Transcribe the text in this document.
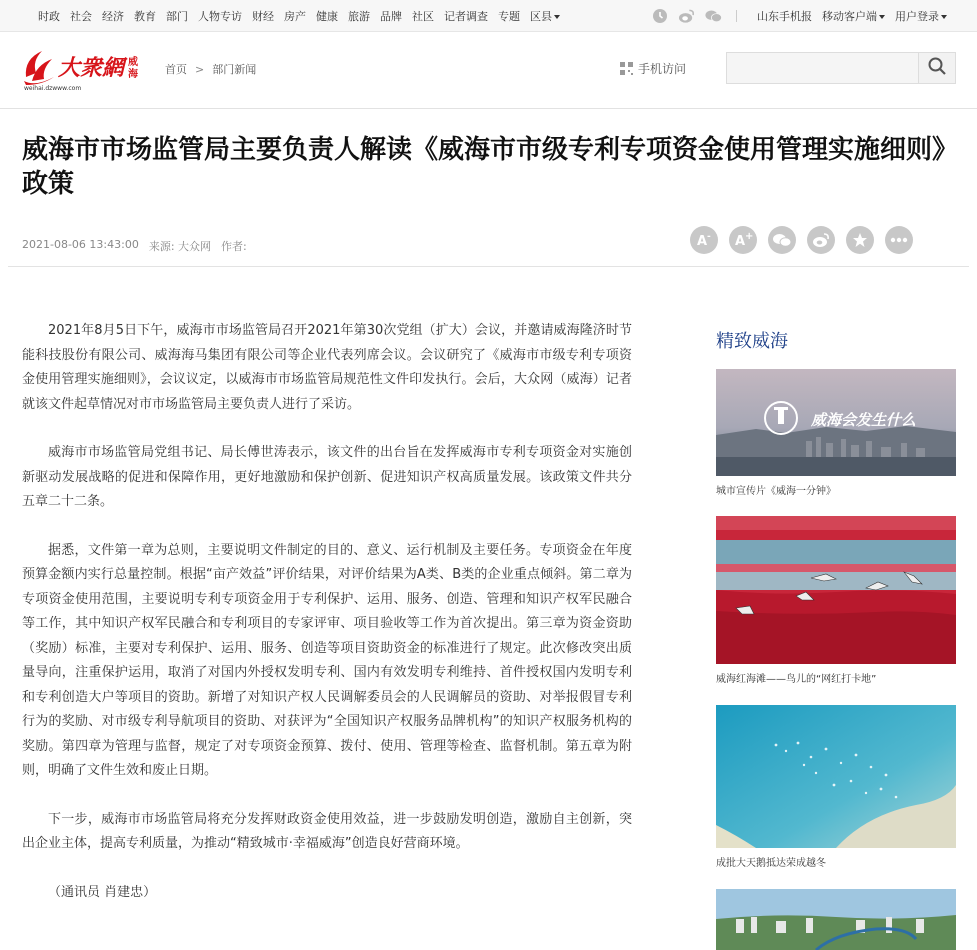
时政 社会 经济 教育 部门 人物专访 财经 房产 健康 旅游 品牌 社区 记者调查 专题 区县	山东手机报 移动客户端	用户登录
大衆網 威
海
weihai.dzwww.com
首页 > 部门新闻	手机访问
威海市市场监管局主要负责人解读《威海市市级专利专项资金使用管理实施细则》政策
2021-08-06 13:43:00 来源: 大众网 作者:	A - A +

2021年8月5日下午，威海市市场监管局召开2021年第30次党组（扩大）会议，并邀请威海隆济时节能科技股份有限公司、威海海马集团有限公司等企业代表列席会议。会议研究了《威海市市级专利专项资金使用管理实施细则》，会议议定，以威海市市场监管局规范性文件印发执行。会后，大众网（威海）记者就该文件起草情况对市市场监管局主要负责人进行了采访。

威海市市场监管局党组书记、局长傅世涛表示，该文件的出台旨在发挥威海市专利专项资金对实施创新驱动发展战略的促进和保障作用，更好地激励和保护创新、促进知识产权高质量发展。该政策文件共分五章二十二条。

据悉，文件第一章为总则，主要说明文件制定的目的、意义、运行机制及主要任务。专项资金在年度预算金额内实行总量控制。根据“亩产效益”评价结果，对评价结果为A类、B类的企业重点倾斜。第二章为专项资金使用范围，主要说明专利专项资金用于专利保护、运用、服务、创造、管理和知识产权军民融合等工作，其中知识产权军民融合和专利项目的专家评审、项目验收等工作为首次提出。第三章为资金资助（奖励）标准，主要对专利保护、运用、服务、创造等项目资助资金的标准进行了规定。此次修改突出质量导向，注重保护运用，取消了对国内外授权发明专利、国内有效发明专利维持、首件授权国内发明专利和专利创造大户等项目的资助。新增了对知识产权人民调解委员会的人民调解员的资助、对举报假冒专利行为的奖励、对市级专利导航项目的资助、对获评为“全国知识产权服务品牌机构”的知识产权服务机构的奖励。第四章为管理与监督，规定了对专项资金预算、拨付、使用、管理等检查、监督机制。第五章为附则，明确了文件生效和废止日期。

下一步，威海市市场监管局将充分发挥财政资金使用效益，进一步鼓励发明创造，激励自主创新，突出企业主体，提高专利质量，为推动“精致城市·幸福威海”创造良好营商环境。

（通讯员 肖建忠）

精致威海
威海会发生什么
城市宣传片《威海一分钟》
威海红海滩——鸟儿的“网红打卡地”
成批大天鹅抵达荣成越冬
